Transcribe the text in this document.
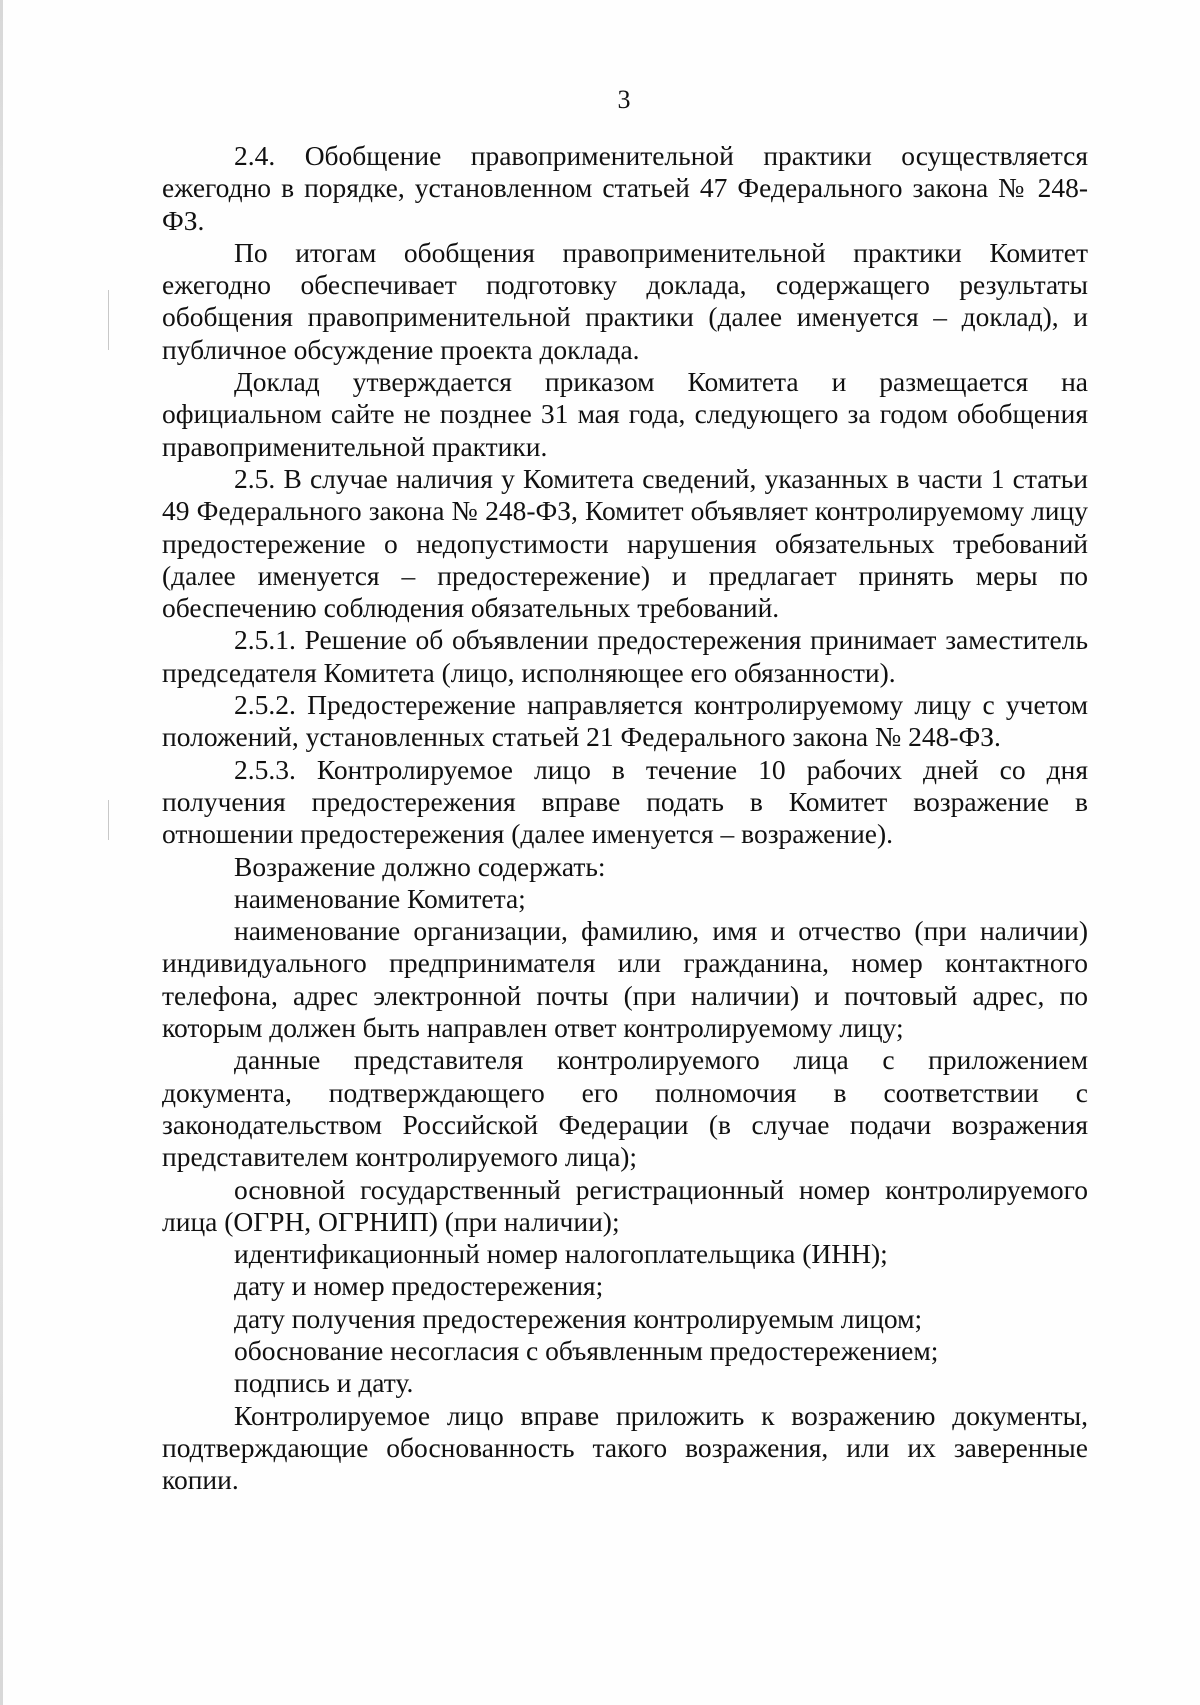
3

2.4. Обобщение правоприменительной практики осуществляется ежегодно в порядке, установленном статьей 47 Федерального закона № 248-ФЗ.

По итогам обобщения правоприменительной практики Комитет ежегодно обеспечивает подготовку доклада, содержащего результаты обобщения правоприменительной практики (далее именуется – доклад), и публичное обсуждение проекта доклада.

Доклад утверждается приказом Комитета и размещается на официальном сайте не позднее 31 мая года, следующего за годом обобщения правоприменительной практики.

2.5. В случае наличия у Комитета сведений, указанных в части 1 статьи 49 Федерального закона № 248-ФЗ, Комитет объявляет контролируемому лицу предостережение о недопустимости нарушения обязательных требований (далее именуется – предостережение) и предлагает принять меры по обеспечению соблюдения обязательных требований.

2.5.1. Решение об объявлении предостережения принимает заместитель председателя Комитета (лицо, исполняющее его обязанности).

2.5.2. Предостережение направляется контролируемому лицу с учетом положений, установленных статьей 21 Федерального закона № 248-ФЗ.

2.5.3. Контролируемое лицо в течение 10 рабочих дней со дня получения предостережения вправе подать в Комитет возражение в отношении предостережения (далее именуется – возражение).

Возражение должно содержать:

наименование Комитета;

наименование организации, фамилию, имя и отчество (при наличии) индивидуального предпринимателя или гражданина, номер контактного телефона, адрес электронной почты (при наличии) и почтовый адрес, по которым должен быть направлен ответ контролируемому лицу;

данные представителя контролируемого лица с приложением документа, подтверждающего его полномочия в соответствии с законодательством Российской Федерации (в случае подачи возражения представителем контролируемого лица);

основной государственный регистрационный номер контролируемого лица (ОГРН, ОГРНИП) (при наличии);

идентификационный номер налогоплательщика (ИНН);

дату и номер предостережения;

дату получения предостережения контролируемым лицом;

обоснование несогласия с объявленным предостережением;

подпись и дату.

Контролируемое лицо вправе приложить к возражению документы, подтверждающие обоснованность такого возражения, или их заверенные копии.
